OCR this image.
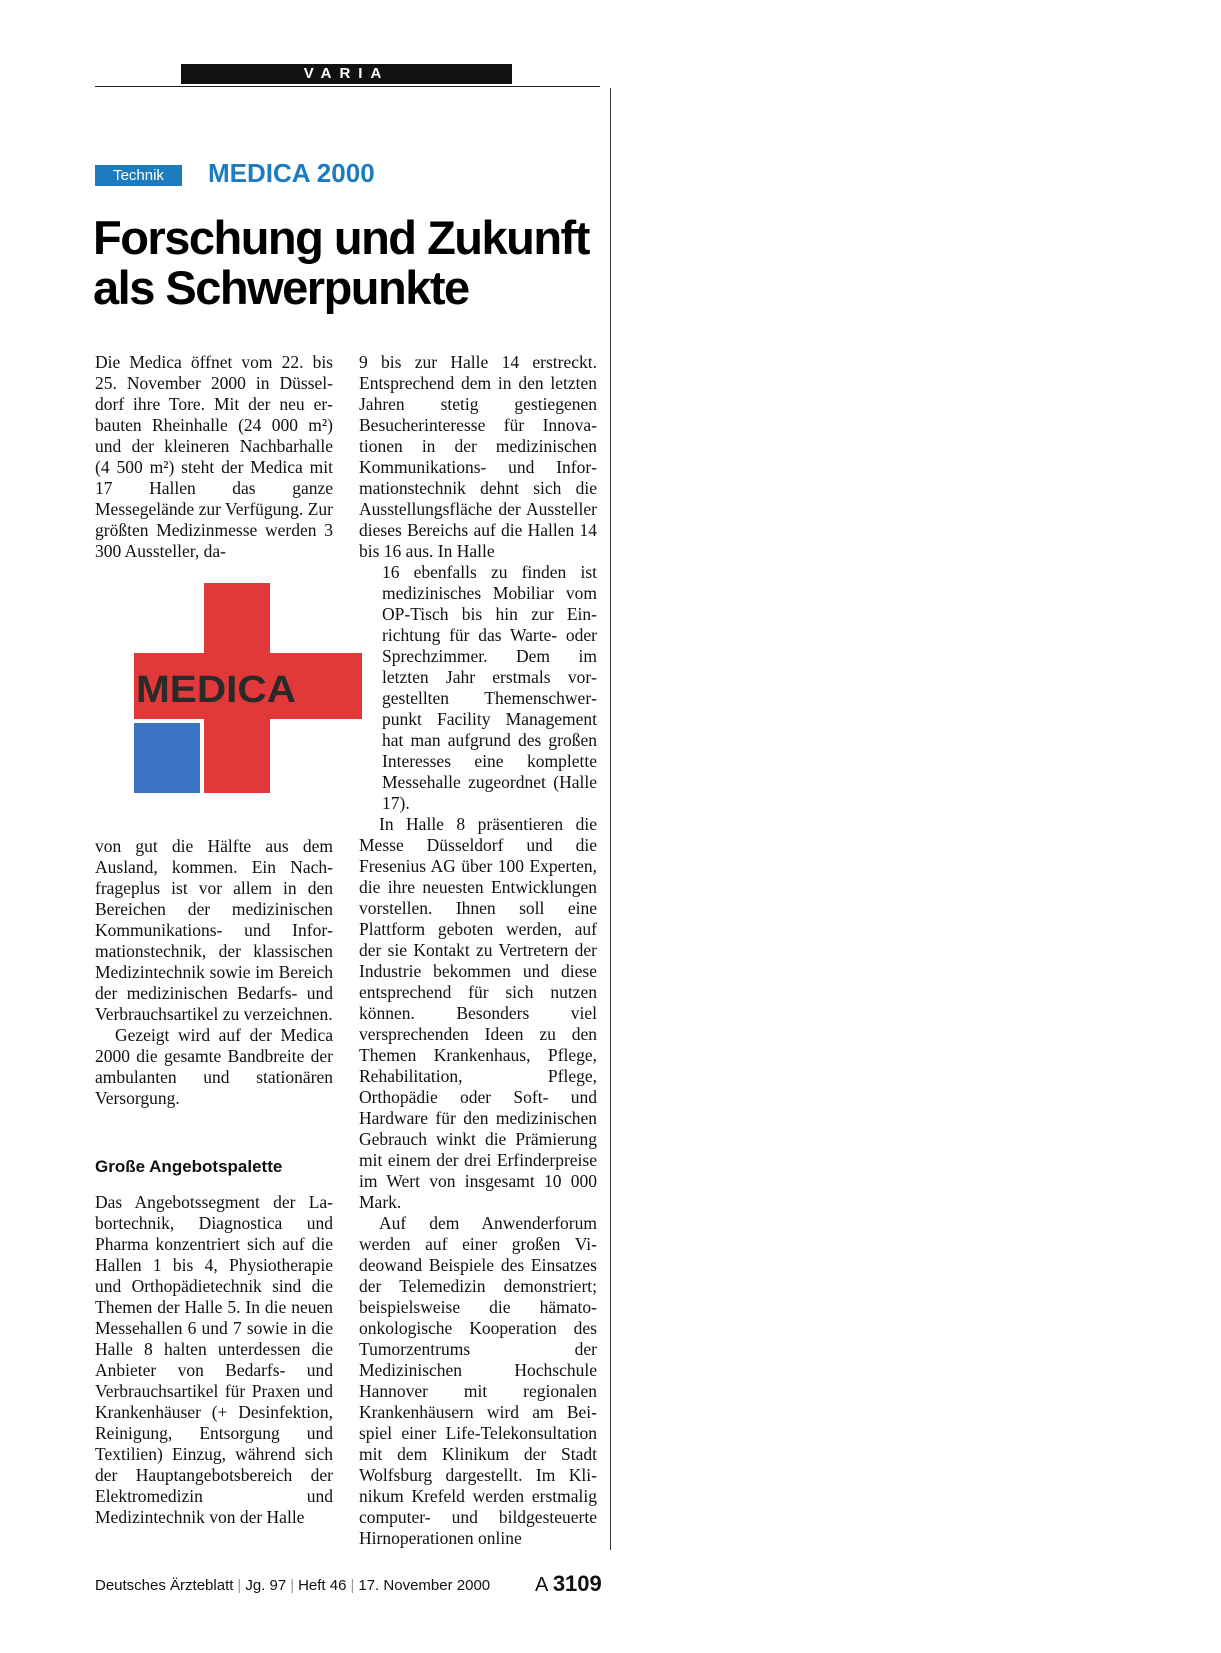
VARIA
Technik	MEDICA 2000
Forschung und Zukunft
als Schwerpunkte

Die Medica öffnet vom 22. bis 25. November 2000 in Düsseldorf ihre Tore. Mit der neu erbauten Rheinhalle (24 000 m²) und der kleineren Nachbarhalle (4 500 m²) steht der Medica mit 17 Hallen das ganze Messegelände zur Verfügung. Zur größten Medizinmesse werden 3 300 Aussteller, da-

MEDICA

von gut die Hälfte aus dem Ausland, kommen. Ein Nachfrageplus ist vor allem in den Bereichen der medizinischen Kommunikations- und Informationstechnik, der klassischen Medizintechnik sowie im Bereich der medizinischen Bedarfs- und Verbrauchsartikel zu verzeichnen.

Gezeigt wird auf der Medica 2000 die gesamte Bandbreite der ambulanten und stationären Versorgung.

Große Angebotspalette

Das Angebotssegment der Labortechnik, Diagnostica und Pharma konzentriert sich auf die Hallen 1 bis 4, Physiotherapie und Orthopädietechnik sind die Themen der Halle 5. In die neuen Messehallen 6 und 7 sowie in die Halle 8 halten unterdessen die Anbieter von Bedarfs- und Verbrauchsartikel für Praxen und Krankenhäuser (+ Desinfektion, Reinigung, Entsorgung und Textilien) Einzug, während sich der Hauptangebotsbereich der Elektromedizin und Medizintechnik von der Halle

9 bis zur Halle 14 erstreckt. Entsprechend dem in den letzten Jahren stetig gestiegenen Besucherinteresse für Innovationen in der medizinischen Kommunikations- und Informationstechnik dehnt sich die Ausstellungsfläche der Aussteller dieses Bereichs auf die Hallen 14 bis 16 aus. In Halle

16 ebenfalls zu finden ist medizinisches Mobiliar vom OP-Tisch bis hin zur Einrichtung für das Warte- oder Sprechzimmer. Dem im letzten Jahr erstmals vorgestellten Themenschwerpunkt Facility Management hat man aufgrund des großen Interesses eine komplette Messehalle zugeordnet (Halle 17).

In Halle 8 präsentieren die Messe Düsseldorf und die Fresenius AG über 100 Experten, die ihre neuesten Entwicklungen vorstellen. Ihnen soll eine Plattform geboten werden, auf der sie Kontakt zu Vertretern der Industrie bekommen und diese entsprechend für sich nutzen können. Besonders viel versprechenden Ideen zu den Themen Krankenhaus, Pflege, Rehabilitation, Pflege, Orthopädie oder Soft- und Hardware für den medizinischen Gebrauch winkt die Prämierung mit einem der drei Erfinderpreise im Wert von insgesamt 10 000 Mark.

Auf dem Anwenderforum werden auf einer großen Videowand Beispiele des Einsatzes der Telemedizin demonstriert; beispielsweise die hämato-onkologische Kooperation des Tumorzentrums der Medizinischen Hochschule Hannover mit regionalen Krankenhäusern wird am Beispiel einer Life-Telekonsultation mit dem Klinikum der Stadt Wolfsburg dargestellt. Im Klinikum Krefeld werden erstmalig computer- und bildgesteuerte Hirnoperationen online

Deutsches Ärzteblatt | Jg. 97 | Heft 46 | 17. November 2000 A 3109
